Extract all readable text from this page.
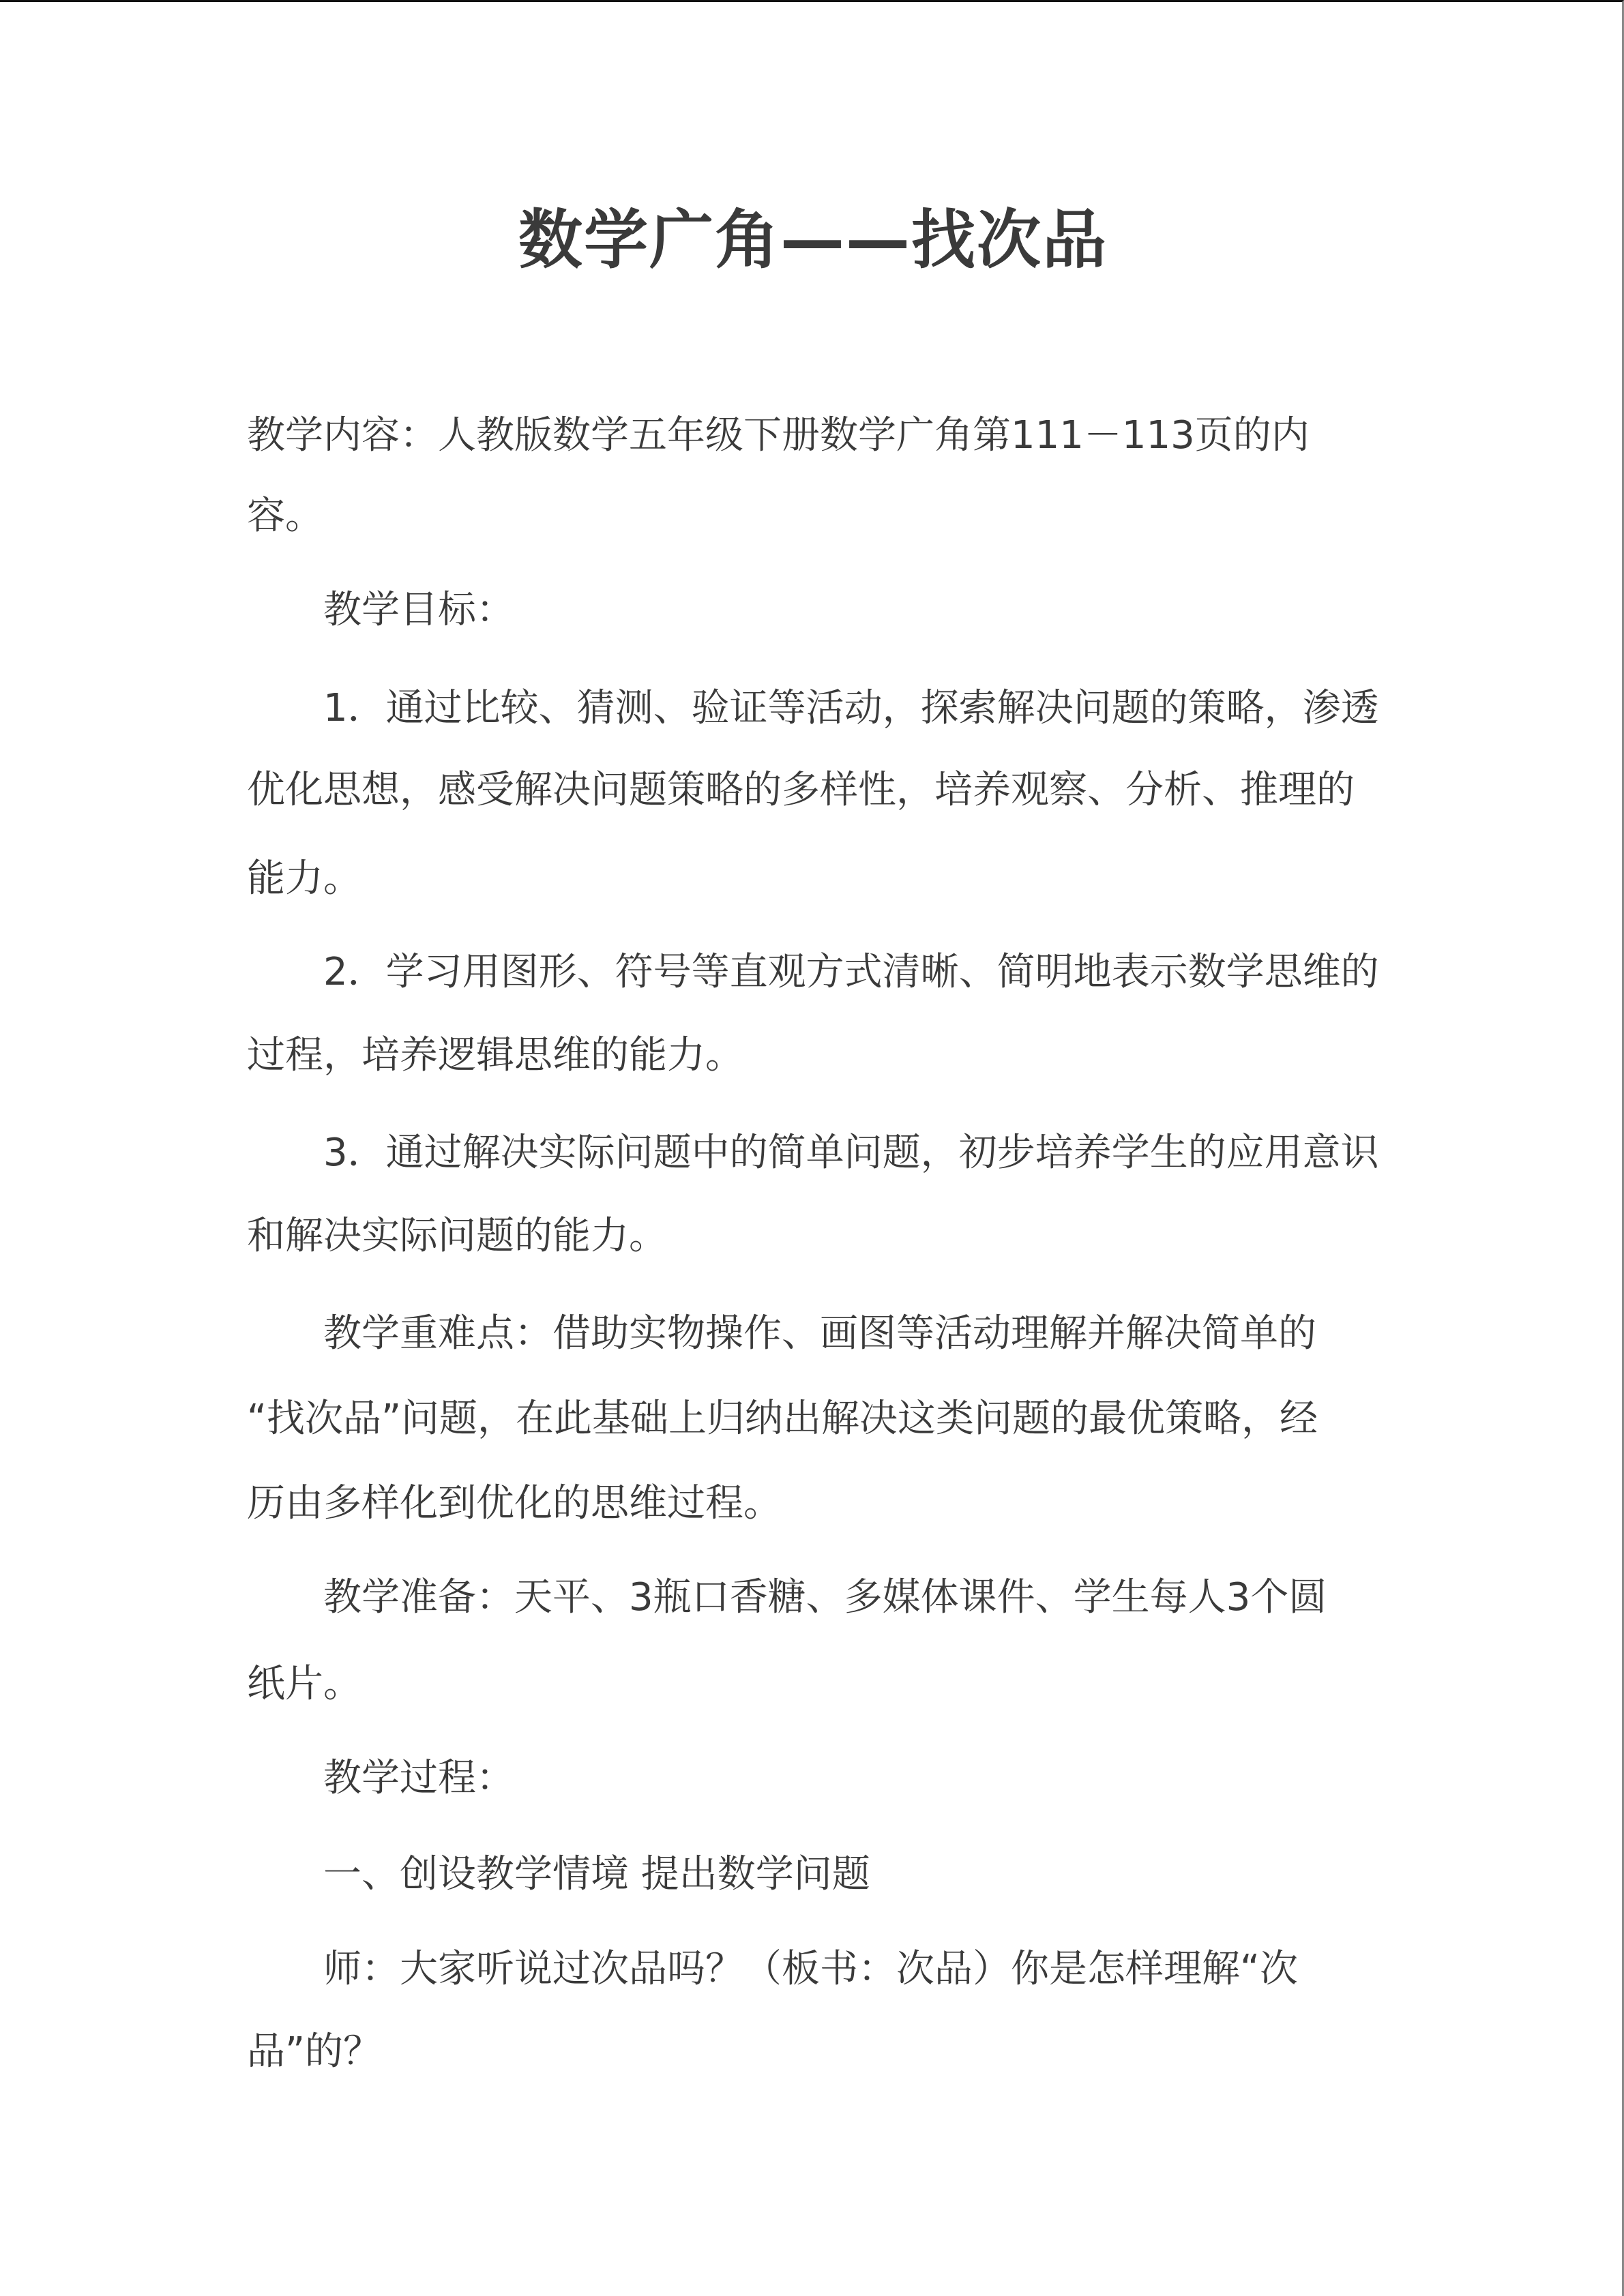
数学广角——找次品
教学内容：人教版数学五年级下册数学广角第111－113页的内
容。
教学目标：
1．通过比较、猜测、验证等活动，探索解决问题的策略，渗透
优化思想，感受解决问题策略的多样性，培养观察、分析、推理的
能力。
2．学习用图形、符号等直观方式清晰、简明地表示数学思维的
过程，培养逻辑思维的能力。
3．通过解决实际问题中的简单问题，初步培养学生的应用意识
和解决实际问题的能力。
教学重难点：借助实物操作、画图等活动理解并解决简单的
“找次品”问题，在此基础上归纳出解决这类问题的最优策略，经
历由多样化到优化的思维过程。
教学准备：天平、3瓶口香糖、多媒体课件、学生每人3个圆
纸片。
教学过程：
一、创设教学情境 提出数学问题
师：大家听说过次品吗？（板书：次品）你是怎样理解“次
品”的？
